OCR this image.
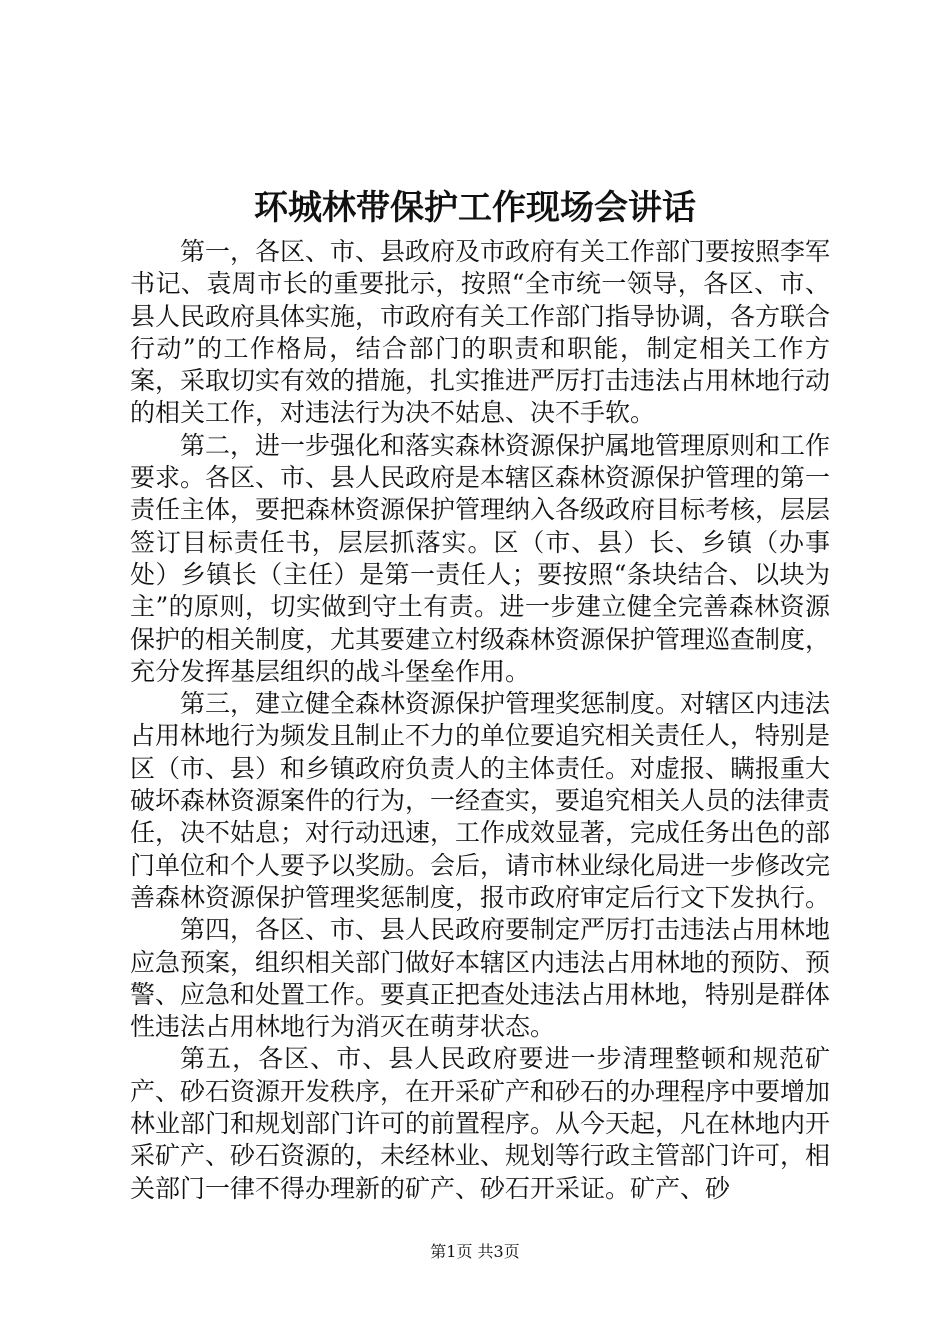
环城林带保护工作现场会讲话

第一，各区、市、县政府及市政府有关工作部门要按照李军书记、袁周市长的重要批示，按照“全市统一领导，各区、市、县人民政府具体实施，市政府有关工作部门指导协调，各方联合行动”的工作格局，结合部门的职责和职能，制定相关工作方案，采取切实有效的措施，扎实推进严厉打击违法占用林地行动的相关工作，对违法行为决不姑息、决不手软。

第二，进一步强化和落实森林资源保护属地管理原则和工作要求。各区、市、县人民政府是本辖区森林资源保护管理的第一责任主体，要把森林资源保护管理纳入各级政府目标考核，层层签订目标责任书，层层抓落实。区（市、县）长、乡镇（办事处）乡镇长（主任）是第一责任人；要按照“条块结合、以块为主”的原则，切实做到守土有责。进一步建立健全完善森林资源保护的相关制度，尤其要建立村级森林资源保护管理巡查制度，充分发挥基层组织的战斗堡垒作用。

第三，建立健全森林资源保护管理奖惩制度。对辖区内违法占用林地行为频发且制止不力的单位要追究相关责任人，特别是区（市、县）和乡镇政府负责人的主体责任。对虚报、瞒报重大破坏森林资源案件的行为，一经查实，要追究相关人员的法律责任，决不姑息；对行动迅速，工作成效显著，完成任务出色的部门单位和个人要予以奖励。会后，请市林业绿化局进一步修改完善森林资源保护管理奖惩制度，报市政府审定后行文下发执行。

第四，各区、市、县人民政府要制定严厉打击违法占用林地应急预案，组织相关部门做好本辖区内违法占用林地的预防、预警、应急和处置工作。要真正把查处违法占用林地，特别是群体性违法占用林地行为消灭在萌芽状态。

第五，各区、市、县人民政府要进一步清理整顿和规范矿产、砂石资源开发秩序，在开采矿产和砂石的办理程序中要增加林业部门和规划部门许可的前置程序。从今天起，凡在林地内开采矿产、砂石资源的，未经林业、规划等行政主管部门许可，相关部门一律不得办理新的矿产、砂石开采证。矿产、砂

第1页 共3页
